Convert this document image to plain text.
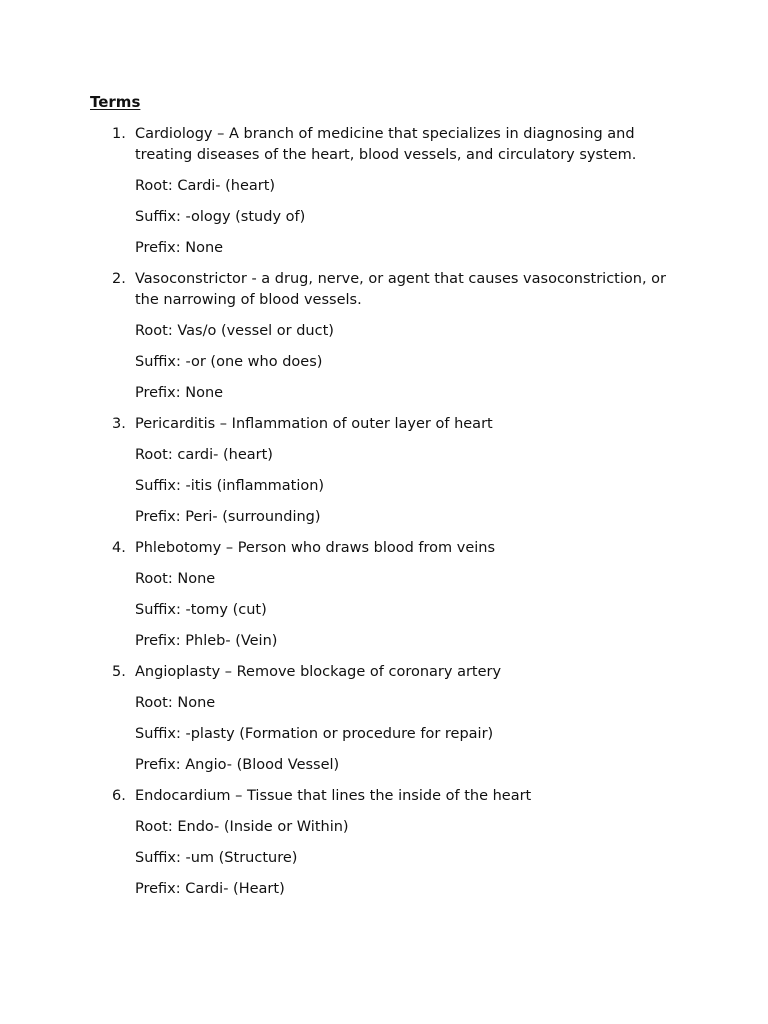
Terms
1. Cardiology – A branch of medicine that specializes in diagnosing and treating diseases of the heart, blood vessels, and circulatory system.

Root: Cardi- (heart)

Suffix: -ology (study of)

Prefix: None

2. Vasoconstrictor - a drug, nerve, or agent that causes vasoconstriction, or the narrowing of blood vessels.

Root: Vas/o (vessel or duct)

Suffix: -or (one who does)

Prefix: None

3. Pericarditis – Inflammation of outer layer of heart

Root: cardi- (heart)

Suffix: -itis (inflammation)

Prefix: Peri- (surrounding)

4. Phlebotomy – Person who draws blood from veins

Root: None

Suffix: -tomy (cut)

Prefix: Phleb- (Vein)

5. Angioplasty – Remove blockage of coronary artery

Root: None

Suffix: -plasty (Formation or procedure for repair)

Prefix: Angio- (Blood Vessel)

6. Endocardium – Tissue that lines the inside of the heart

Root: Endo- (Inside or Within)

Suffix: -um (Structure)

Prefix: Cardi- (Heart)
